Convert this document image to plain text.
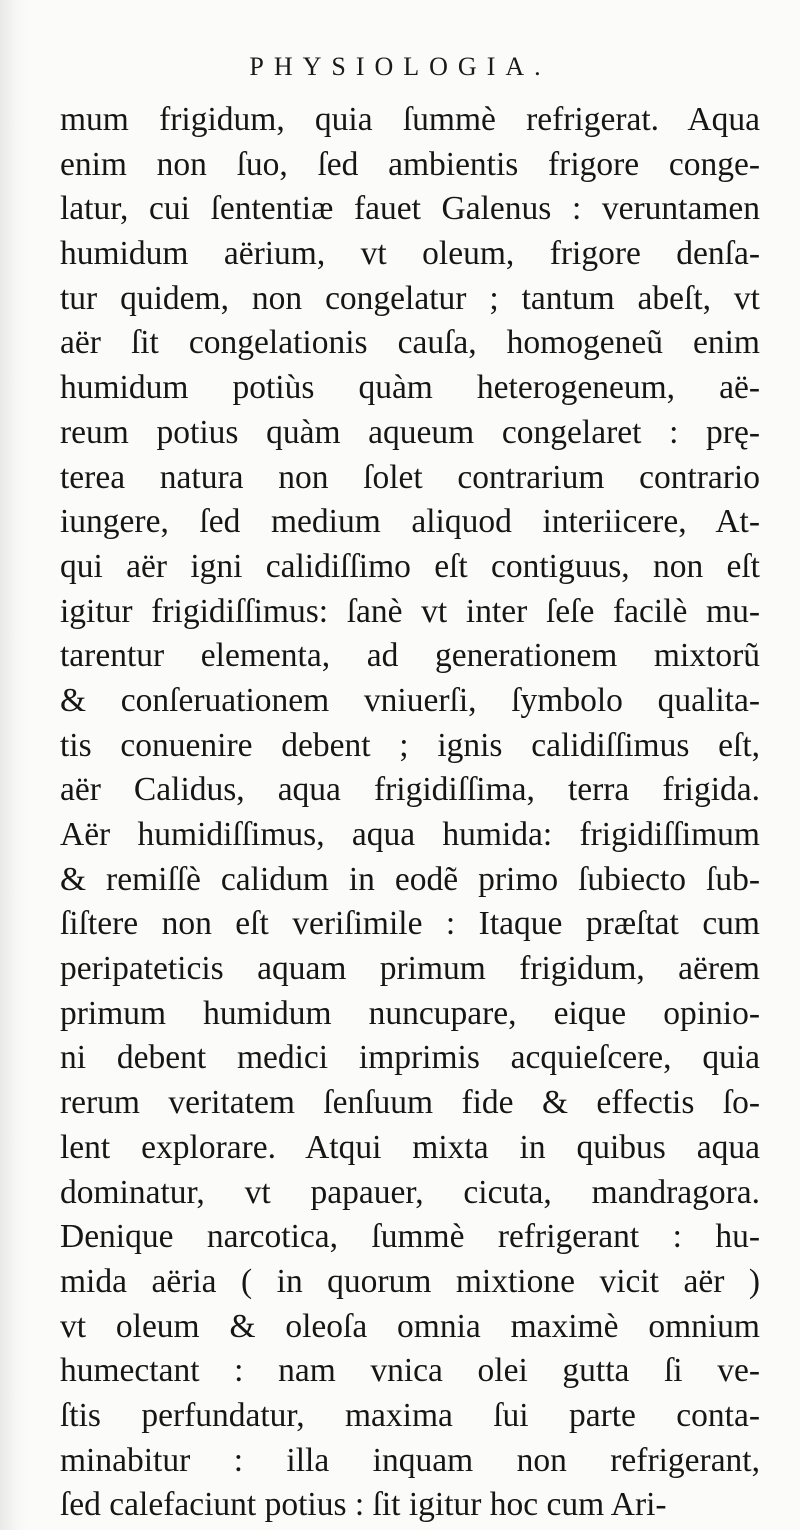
PHYSIOLOGIA.
mum frigidum, quia ſummè refrigerat. Aqua
enim non ſuo, ſed ambientis frigore conge-
latur, cui ſententiæ fauet Galenus : veruntamen
humidum aërium, vt oleum, frigore denſa-
tur quidem, non congelatur ; tantum abeſt, vt
aër ſit congelationis cauſa, homogeneũ enim
humidum potiùs quàm heterogeneum, aë-
reum potius quàm aqueum congelaret : prę-
terea natura non ſolet contrarium contrario
iungere, ſed medium aliquod interiicere, At-
qui aër igni calidiſſimo eſt contiguus, non eſt
igitur frigidiſſimus: ſanè vt inter ſeſe facilè mu-
tarentur elementa, ad generationem mixtorũ
& conſeruationem vniuerſi, ſymbolo qualita-
tis conuenire debent ; ignis calidiſſimus eſt,
aër Calidus, aqua frigidiſſima, terra frigida.
Aër humidiſſimus, aqua humida: frigidiſſimum
& remiſſè calidum in eodẽ primo ſubiecto ſub-
ſiſtere non eſt veriſimile : Itaque præſtat cum
peripateticis aquam primum frigidum, aërem
primum humidum nuncupare, eique opinio-
ni debent medici imprimis acquieſcere, quia
rerum veritatem ſenſuum fide & effectis ſo-
lent explorare. Atqui mixta in quibus aqua
dominatur, vt papauer, cicuta, mandragora.
Denique narcotica, ſummè refrigerant : hu-
mida aëria ( in quorum mixtione vicit aër )
vt oleum & oleoſa omnia maximè omnium
humectant : nam vnica olei gutta ſi ve-
ſtis perfundatur, maxima ſui parte conta-
minabitur : illa inquam non refrigerant,
ſed calefaciunt potius : ſit igitur hoc cum Ari-
